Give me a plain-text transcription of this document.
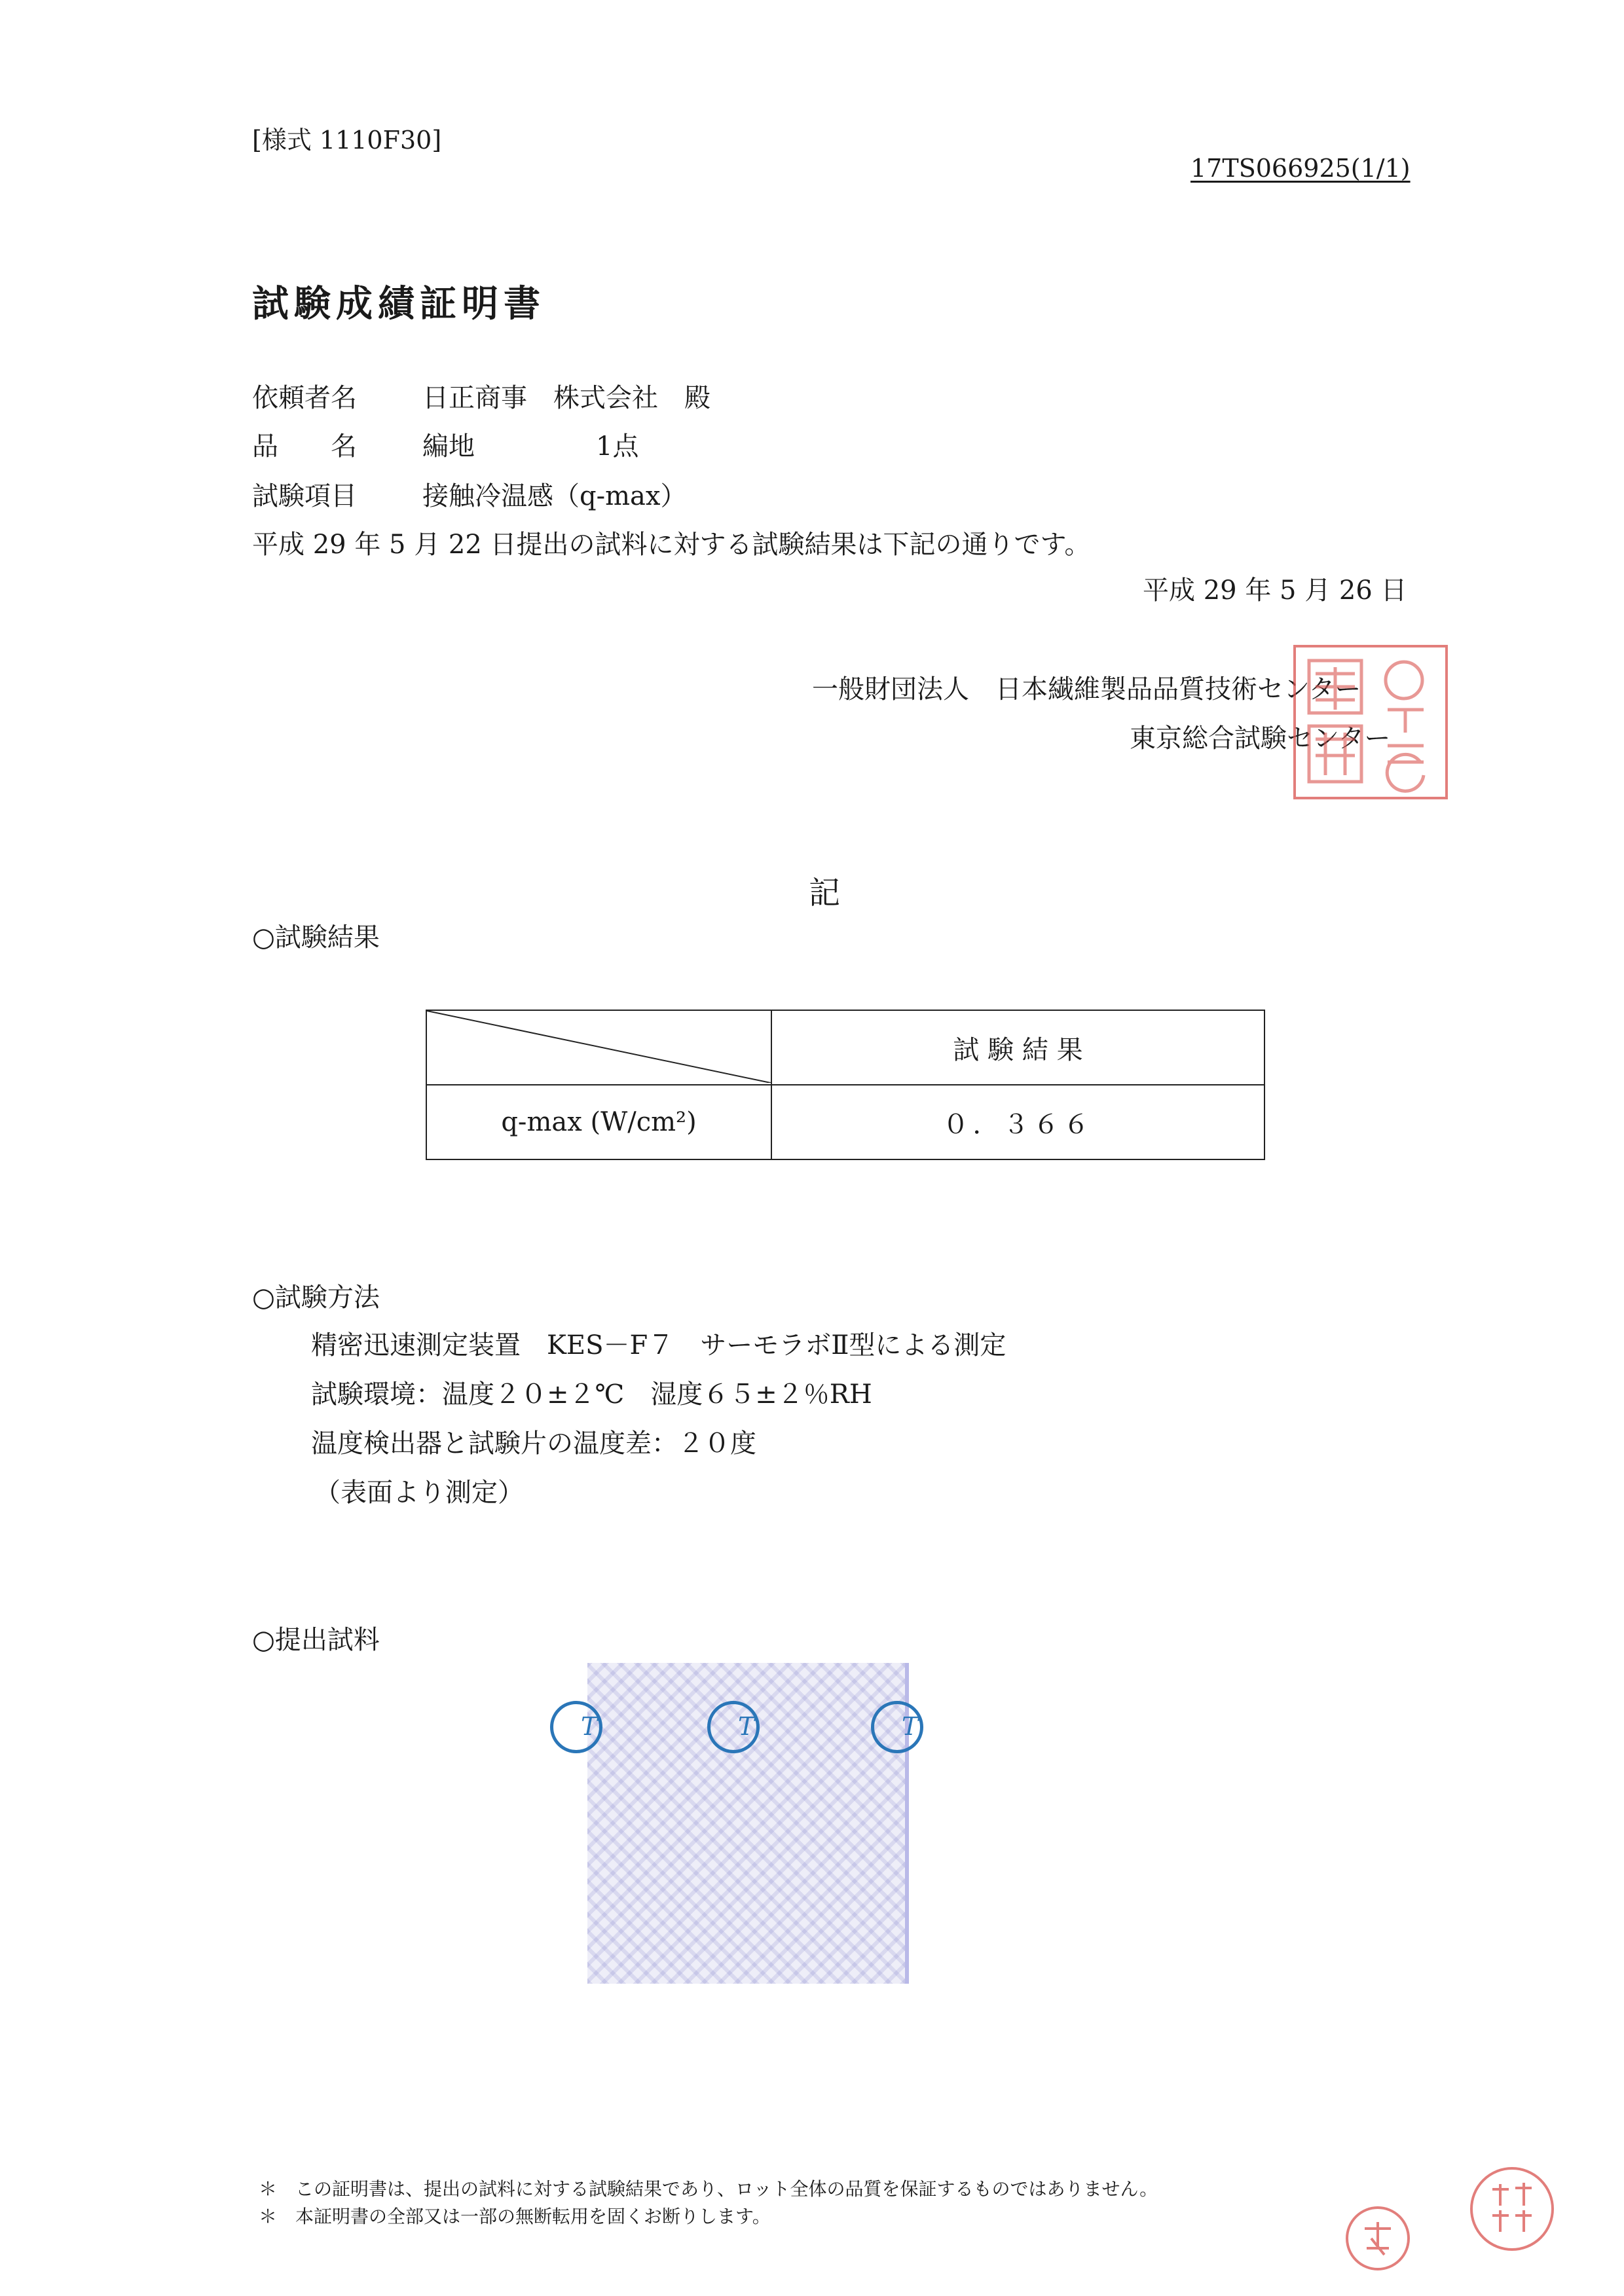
[様式 1110F30]
17TS066925(1/1)
試験成績証明書
依頼者名	日正商事　株式会社　殿
品　　名	編地	1点
試験項目	接触冷温感（q-max）
平成 29 年 5 月 22 日提出の試料に対する試験結果は下記の通りです。
平成 29 年 5 月 26 日
一般財団法人　日本繊維製品品質技術センター
東京総合試験センター
記
○試験結果
	試 験 結 果
q-max (W/cm²)	０．３６６
○試験方法
精密迅速測定装置　KES－F７　サーモラボⅡ型による測定
試験環境：温度２０±２℃　湿度６５±２％RH
温度検出器と試験片の温度差：２０度
（表面より測定）
○提出試料
T	T	T
＊　この証明書は、提出の試料に対する試験結果であり、ロット全体の品質を保証するものではありません。
＊　本証明書の全部又は一部の無断転用を固くお断りします。
